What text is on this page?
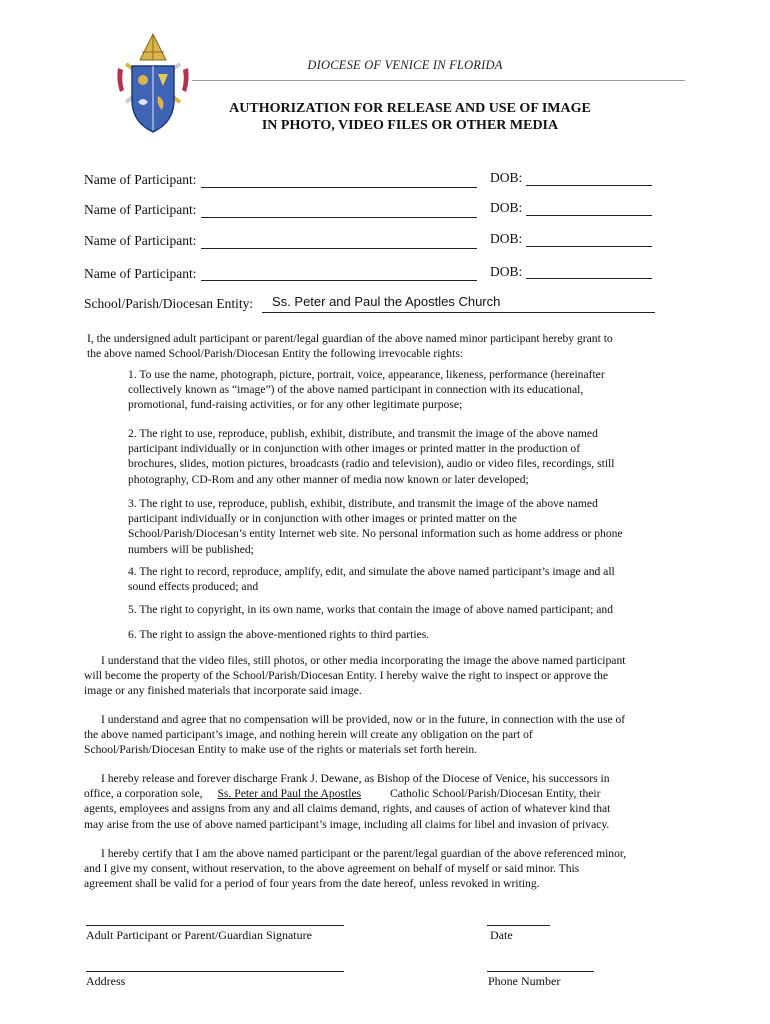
DIOCESE OF VENICE IN FLORIDA
AUTHORIZATION FOR RELEASE AND USE OF IMAGE
IN PHOTO, VIDEO FILES OR OTHER MEDIA
Name of Participant:	DOB:
Name of Participant:	DOB:
Name of Participant:	DOB:
Name of Participant:	DOB:
School/Parish/Diocesan Entity: Ss. Peter and Paul the Apostles Church
I, the undersigned adult participant or parent/legal guardian of the above named minor participant hereby grant to
the above named School/Parish/Diocesan Entity the following irrevocable rights:
1. To use the name, photograph, picture, portrait, voice, appearance, likeness, performance (hereinafter
collectively known as “image”) of the above named participant in connection with its educational,
promotional, fund-raising activities, or for any other legitimate purpose;
2. The right to use, reproduce, publish, exhibit, distribute, and transmit the image of the above named
participant individually or in conjunction with other images or printed matter in the production of
brochures, slides, motion pictures, broadcasts (radio and television), audio or video files, recordings, still
photography, CD-Rom and any other manner of media now known or later developed;
3. The right to use, reproduce, publish, exhibit, distribute, and transmit the image of the above named
participant individually or in conjunction with other images or printed matter on the
School/Parish/Diocesan’s entity Internet web site. No personal information such as home address or phone
numbers will be published;
4. The right to record, reproduce, amplify, edit, and simulate the above named participant’s image and all
sound effects produced; and
5. The right to copyright, in its own name, works that contain the image of above named participant; and
6. The right to assign the above-mentioned rights to third parties.
I understand that the video files, still photos, or other media incorporating the image the above named participant
will become the property of the School/Parish/Diocesan Entity. I hereby waive the right to inspect or approve the
image or any finished materials that incorporate said image.
I understand and agree that no compensation will be provided, now or in the future, in connection with the use of
the above named participant’s image, and nothing herein will create any obligation on the part of
School/Parish/Diocesan Entity to make use of the rights or materials set forth herein.
I hereby release and forever discharge Frank J. Dewane, as Bishop of the Diocese of Venice, his successors in
office, a corporation sole, Ss. Peter and Paul the Apostles Catholic School/Parish/Diocesan Entity, their
agents, employees and assigns from any and all claims demand, rights, and causes of action of whatever kind that
may arise from the use of above named participant’s image, including all claims for libel and invasion of privacy.
I hereby certify that I am the above named participant or the parent/legal guardian of the above referenced minor,
and I give my consent, without reservation, to the above agreement on behalf of myself or said minor. This
agreement shall be valid for a period of four years from the date hereof, unless revoked in writing.
Adult Participant or Parent/Guardian Signature	Date
Address	Phone Number
